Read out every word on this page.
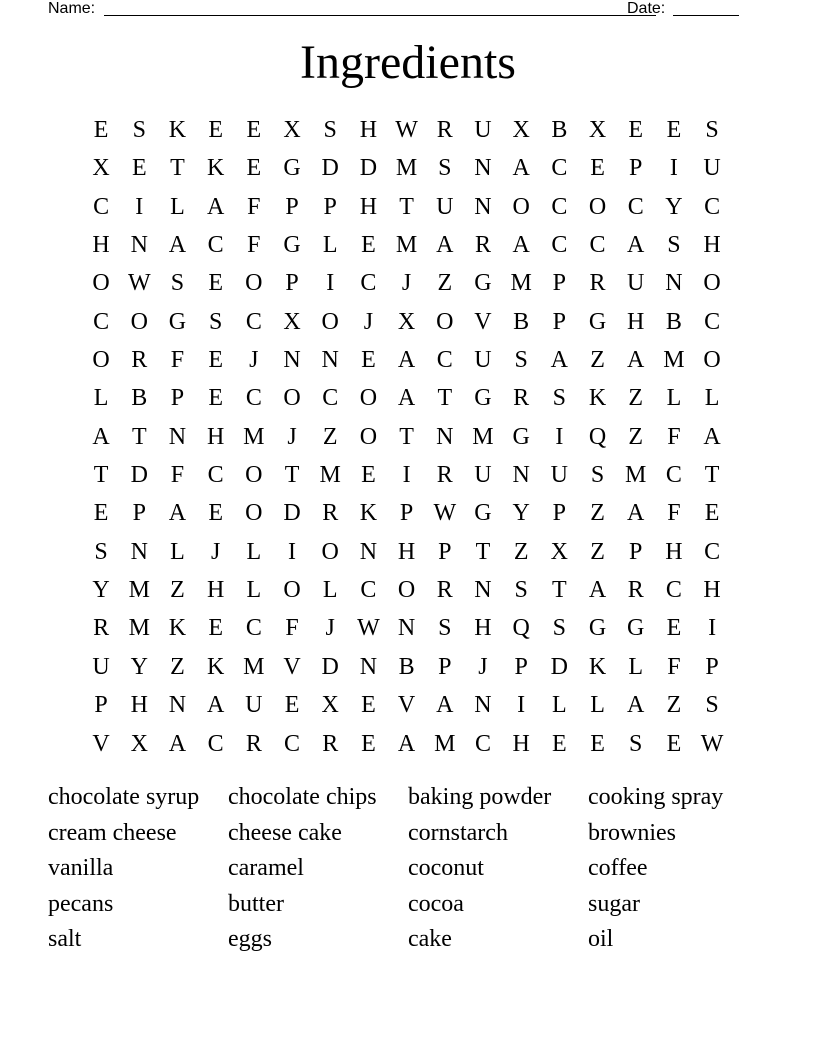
Name:	Date:
Ingredients
E	S K E E X S H W R U X B X E E	S
X E T K E G D D M S N A C E	P	I	U
C	I	L A F	P	P H T U N O C O C Y C
H N A C F G L E M A R A C C A S H
O W S	E O P	I	C	J	Z G M P R U N O
C O G S C X O	J	X O V B P G H B C
O R F	E	J	N N E A C U S A Z A M O
L B P	E C O C O A T G R S K Z L L
A T N H M J	Z O T N M G	I	Q Z	F A
T D F C O T M E	I	R U N U S M C T
E	P A E O D R K P W G Y P	Z A F	E
S N L	J	L	I	O N H P	T Z X Z	P H C
Y M Z H L O L C O R N S	T A R C H
R M K E C F	J W N S H Q S G G E	I
U Y Z K M V D N B P	J	P D K L	F	P
P H N A U E X E V A N	I	L L A Z	S
V X A C R C R E A M C H E E	S	E W
chocolate syrup	chocolate chips	baking powder	cooking spray
cream cheese	cheese cake	cornstarch	brownies
vanilla	caramel	coconut	coffee
pecans	butter	cocoa	sugar
salt	eggs	cake	oil
